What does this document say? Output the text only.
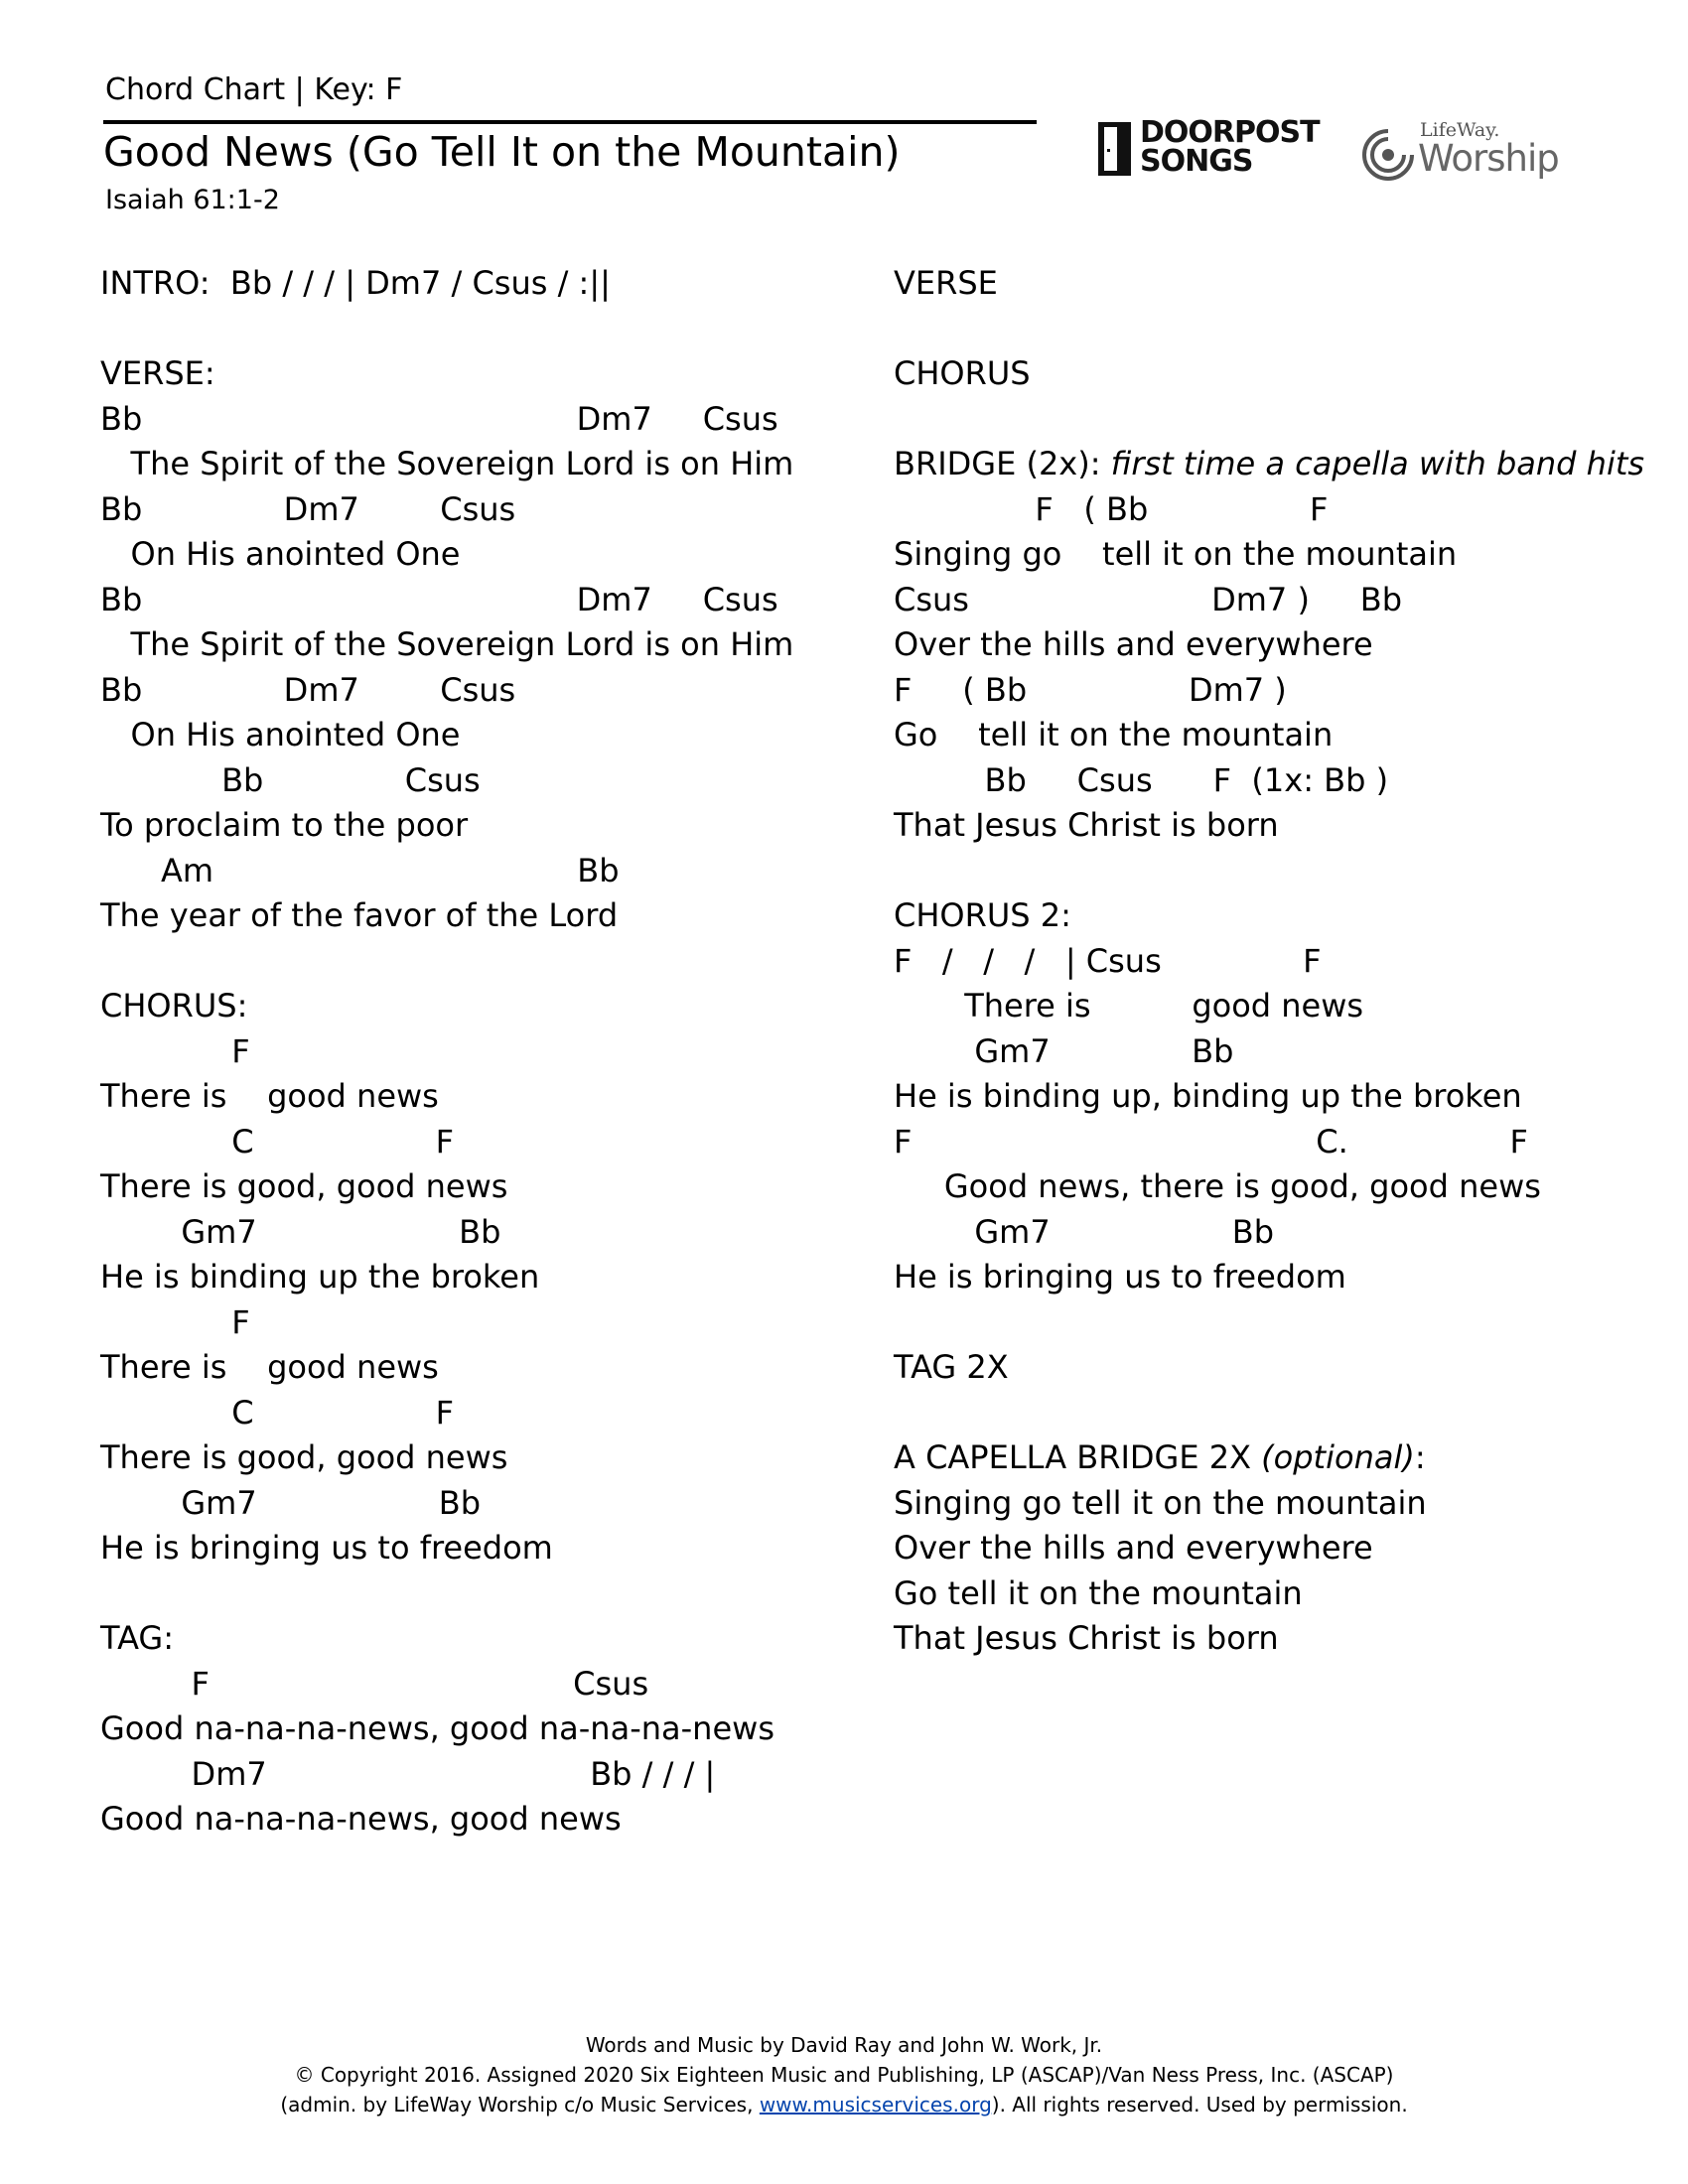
Chord Chart | Key: F
Good News (Go Tell It on the Mountain)
Isaiah 61:1-2
DOORPOST
SONGS
LifeWay.
Worship
INTRO:  Bb / / / | Dm7 / Csus / :||
VERSE:
Bb                                           Dm7     Csus
The Spirit of the Sovereign Lord is on Him
Bb              Dm7        Csus
On His anointed One
Bb                                           Dm7     Csus
The Spirit of the Sovereign Lord is on Him
Bb              Dm7        Csus
On His anointed One
Bb              Csus
To proclaim to the poor
Am                                    Bb
The year of the favor of the Lord
CHORUS:
F
There is    good news
C                  F
There is good, good news
Gm7                    Bb
He is binding up the broken
F
There is    good news
C                  F
There is good, good news
Gm7                  Bb
He is bringing us to freedom
TAG:
F                                    Csus
Good na-na-na-news, good na-na-na-news
Dm7                                Bb / / / |
Good na-na-na-news, good news
VERSE
CHORUS
BRIDGE (2x): first time a capella with band hits
F   ( Bb                F
Singing go    tell it on the mountain
Csus                        Dm7 )     Bb
Over the hills and everywhere
F     ( Bb                Dm7 )
Go    tell it on the mountain
Bb     Csus      F  (1x: Bb )
That Jesus Christ is born
CHORUS 2:
F   /   /   /   | Csus              F
There is          good news
Gm7              Bb
He is binding up, binding up the broken
F                                        C.                F
Good news, there is good, good news
Gm7                  Bb
He is bringing us to freedom
TAG 2X
A CAPELLA BRIDGE 2X (optional):
Singing go tell it on the mountain
Over the hills and everywhere
Go tell it on the mountain
That Jesus Christ is born
Words and Music by David Ray and John W. Work, Jr.
© Copyright 2016. Assigned 2020 Six Eighteen Music and Publishing, LP (ASCAP)/Van Ness Press, Inc. (ASCAP)
(admin. by LifeWay Worship c/o Music Services, www.musicservices.org). All rights reserved. Used by permission.
